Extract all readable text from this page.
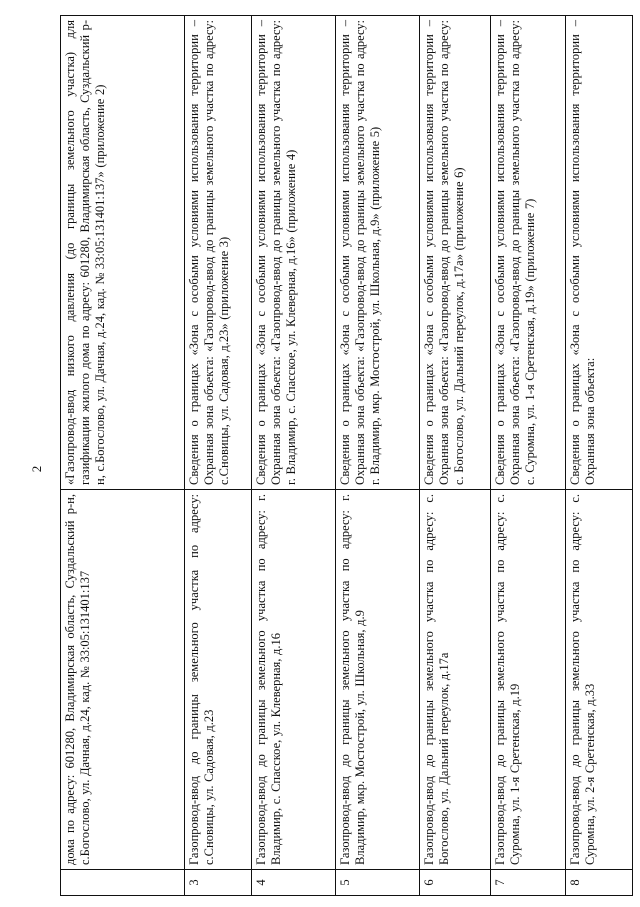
2
	дома по адресу: 601280, Владимирская область, Суздальский р-н, с.Богослово, ул. Дачная, д.24, кад. № 33:05:131401:137	«Газопровод-ввод низкого давления (до границы земельного участка) для газификации жилого дома по адресу: 601280, Владимирская область, Суздальский р-н, с.Богослово, ул. Дачная, д.24, кад. № 33:05:131401:137» (приложение 2)
3	Газопровод-ввод до границы земельного участка по адресу: с.Сновицы, ул. Садовая, д.23	Сведения о границах «Зона с особыми условиями использования территории – Охранная зона объекта: «Газопровод-ввод до границы земельного участка по адресу: с.Сновицы, ул. Садовая, д.23» (приложение 3)
4	Газопровод-ввод до границы земельного участка по адресу: г. Владимир, с. Спасское, ул. Клеверная, д.16	Сведения о границах «Зона с особыми условиями использования территории – Охранная зона объекта: «Газопровод-ввод до границы земельного участка по адресу: г. Владимир, с. Спасское, ул. Клеверная, д.16» (приложение 4)
5	Газопровод-ввод до границы земельного участка по адресу: г. Владимир, мкр. Мостострой, ул. Школьная, д.9	Сведения о границах «Зона с особыми условиями использования территории – Охранная зона объекта: «Газопровод-ввод до границы земельного участка по адресу: г. Владимир, мкр. Мостострой, ул. Школьная, д.9» (приложение 5)
6	Газопровод-ввод до границы земельного участка по адресу: с. Богослово, ул. Дальний переулок, д.17а	Сведения о границах «Зона с особыми условиями использования территории – Охранная зона объекта: «Газопровод-ввод до границы земельного участка по адресу: с. Богослово, ул. Дальний переулок, д.17а» (приложение 6)
7	Газопровод-ввод до границы земельного участка по адресу: с. Суромна, ул. 1-я Сретенская, д.19	Сведения о границах «Зона с особыми условиями использования территории – Охранная зона объекта: «Газопровод-ввод до границы земельного участка по адресу: с. Суромна, ул. 1-я Сретенская, д.19» (приложение 7)
8	Газопровод-ввод до границы земельного участка по адресу: с. Суромна, ул. 2-я Сретенская, д.33	Сведения о границах «Зона с особыми условиями использования территории – Охранная зона объекта:
